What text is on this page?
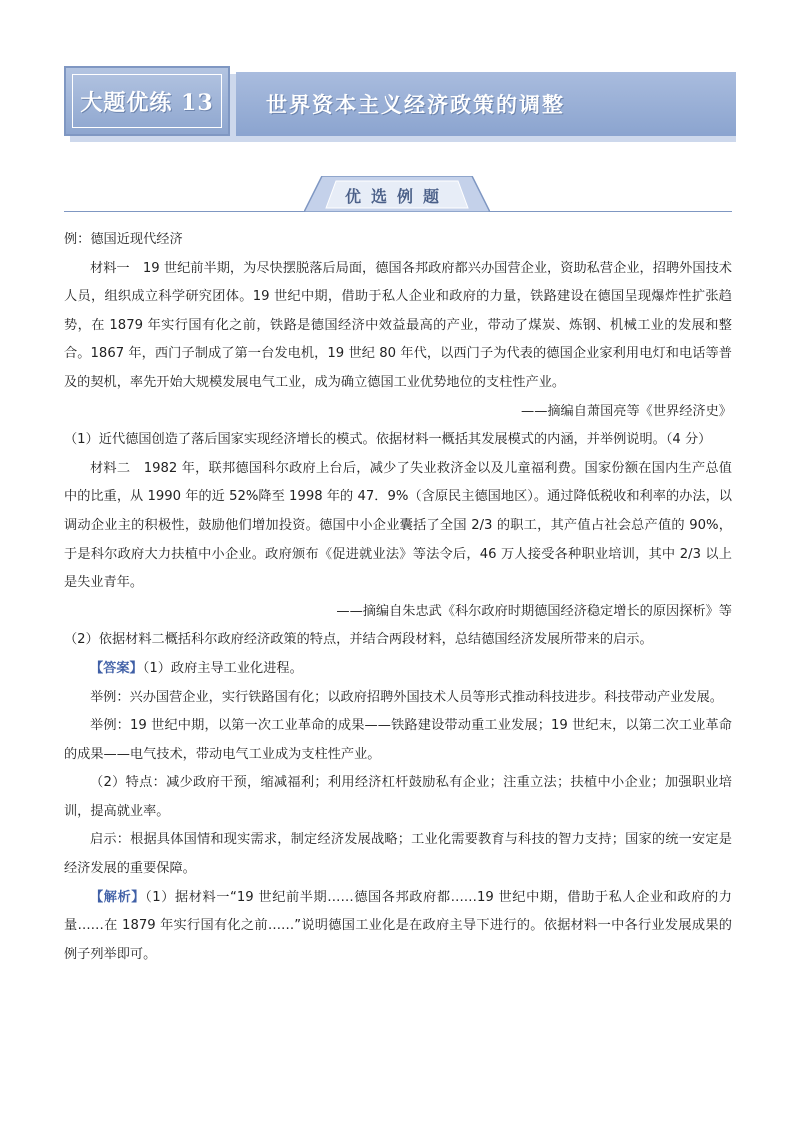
大题优练 13 世界资本主义经济政策的调整
优选例题

例：德国近现代经济

材料一　19 世纪前半期，为尽快摆脱落后局面，德国各邦政府都兴办国营企业，资助私营企业，招聘外国技术人员，组织成立科学研究团体。19 世纪中期，借助于私人企业和政府的力量，铁路建设在德国呈现爆炸性扩张趋势，在 1879 年实行国有化之前，铁路是德国经济中效益最高的产业，带动了煤炭、炼钢、机械工业的发展和整合。1867 年，西门子制成了第一台发电机，19 世纪 80 年代，以西门子为代表的德国企业家利用电灯和电话等普及的契机，率先开始大规模发展电气工业，成为确立德国工业优势地位的支柱性产业。

——摘编自萧国亮等《世界经济史》

（1）近代德国创造了落后国家实现经济增长的模式。依据材料一概括其发展模式的内涵，并举例说明。（4 分）

材料二　1982 年，联邦德国科尔政府上台后，减少了失业救济金以及儿童福利费。国家份额在国内生产总值中的比重，从 1990 年的近 52%降至 1998 年的 47．9%（含原民主德国地区）。通过降低税收和利率的办法，以调动企业主的积极性，鼓励他们增加投资。德国中小企业囊括了全国 2/3 的职工，其产值占社会总产值的 90%，于是科尔政府大力扶植中小企业。政府颁布《促进就业法》等法令后，46 万人接受各种职业培训，其中 2/3 以上是失业青年。

——摘编自朱忠武《科尔政府时期德国经济稳定增长的原因探析》等

（2）依据材料二概括科尔政府经济政策的特点，并结合两段材料，总结德国经济发展所带来的启示。

【答案】（1）政府主导工业化进程。

举例：兴办国营企业，实行铁路国有化；以政府招聘外国技术人员等形式推动科技进步。科技带动产业发展。

举例：19 世纪中期，以第一次工业革命的成果——铁路建设带动重工业发展；19 世纪末，以第二次工业革命的成果——电气技术，带动电气工业成为支柱性产业。

（2）特点：减少政府干预，缩减福利；利用经济杠杆鼓励私有企业；注重立法；扶植中小企业；加强职业培训，提高就业率。

启示：根据具体国情和现实需求，制定经济发展战略；工业化需要教育与科技的智力支持；国家的统一安定是经济发展的重要保障。

【解析】（1）据材料一“19 世纪前半期……德国各邦政府都……19 世纪中期，借助于私人企业和政府的力量……在 1879 年实行国有化之前……”说明德国工业化是在政府主导下进行的。依据材料一中各行业发展成果的例子列举即可。
